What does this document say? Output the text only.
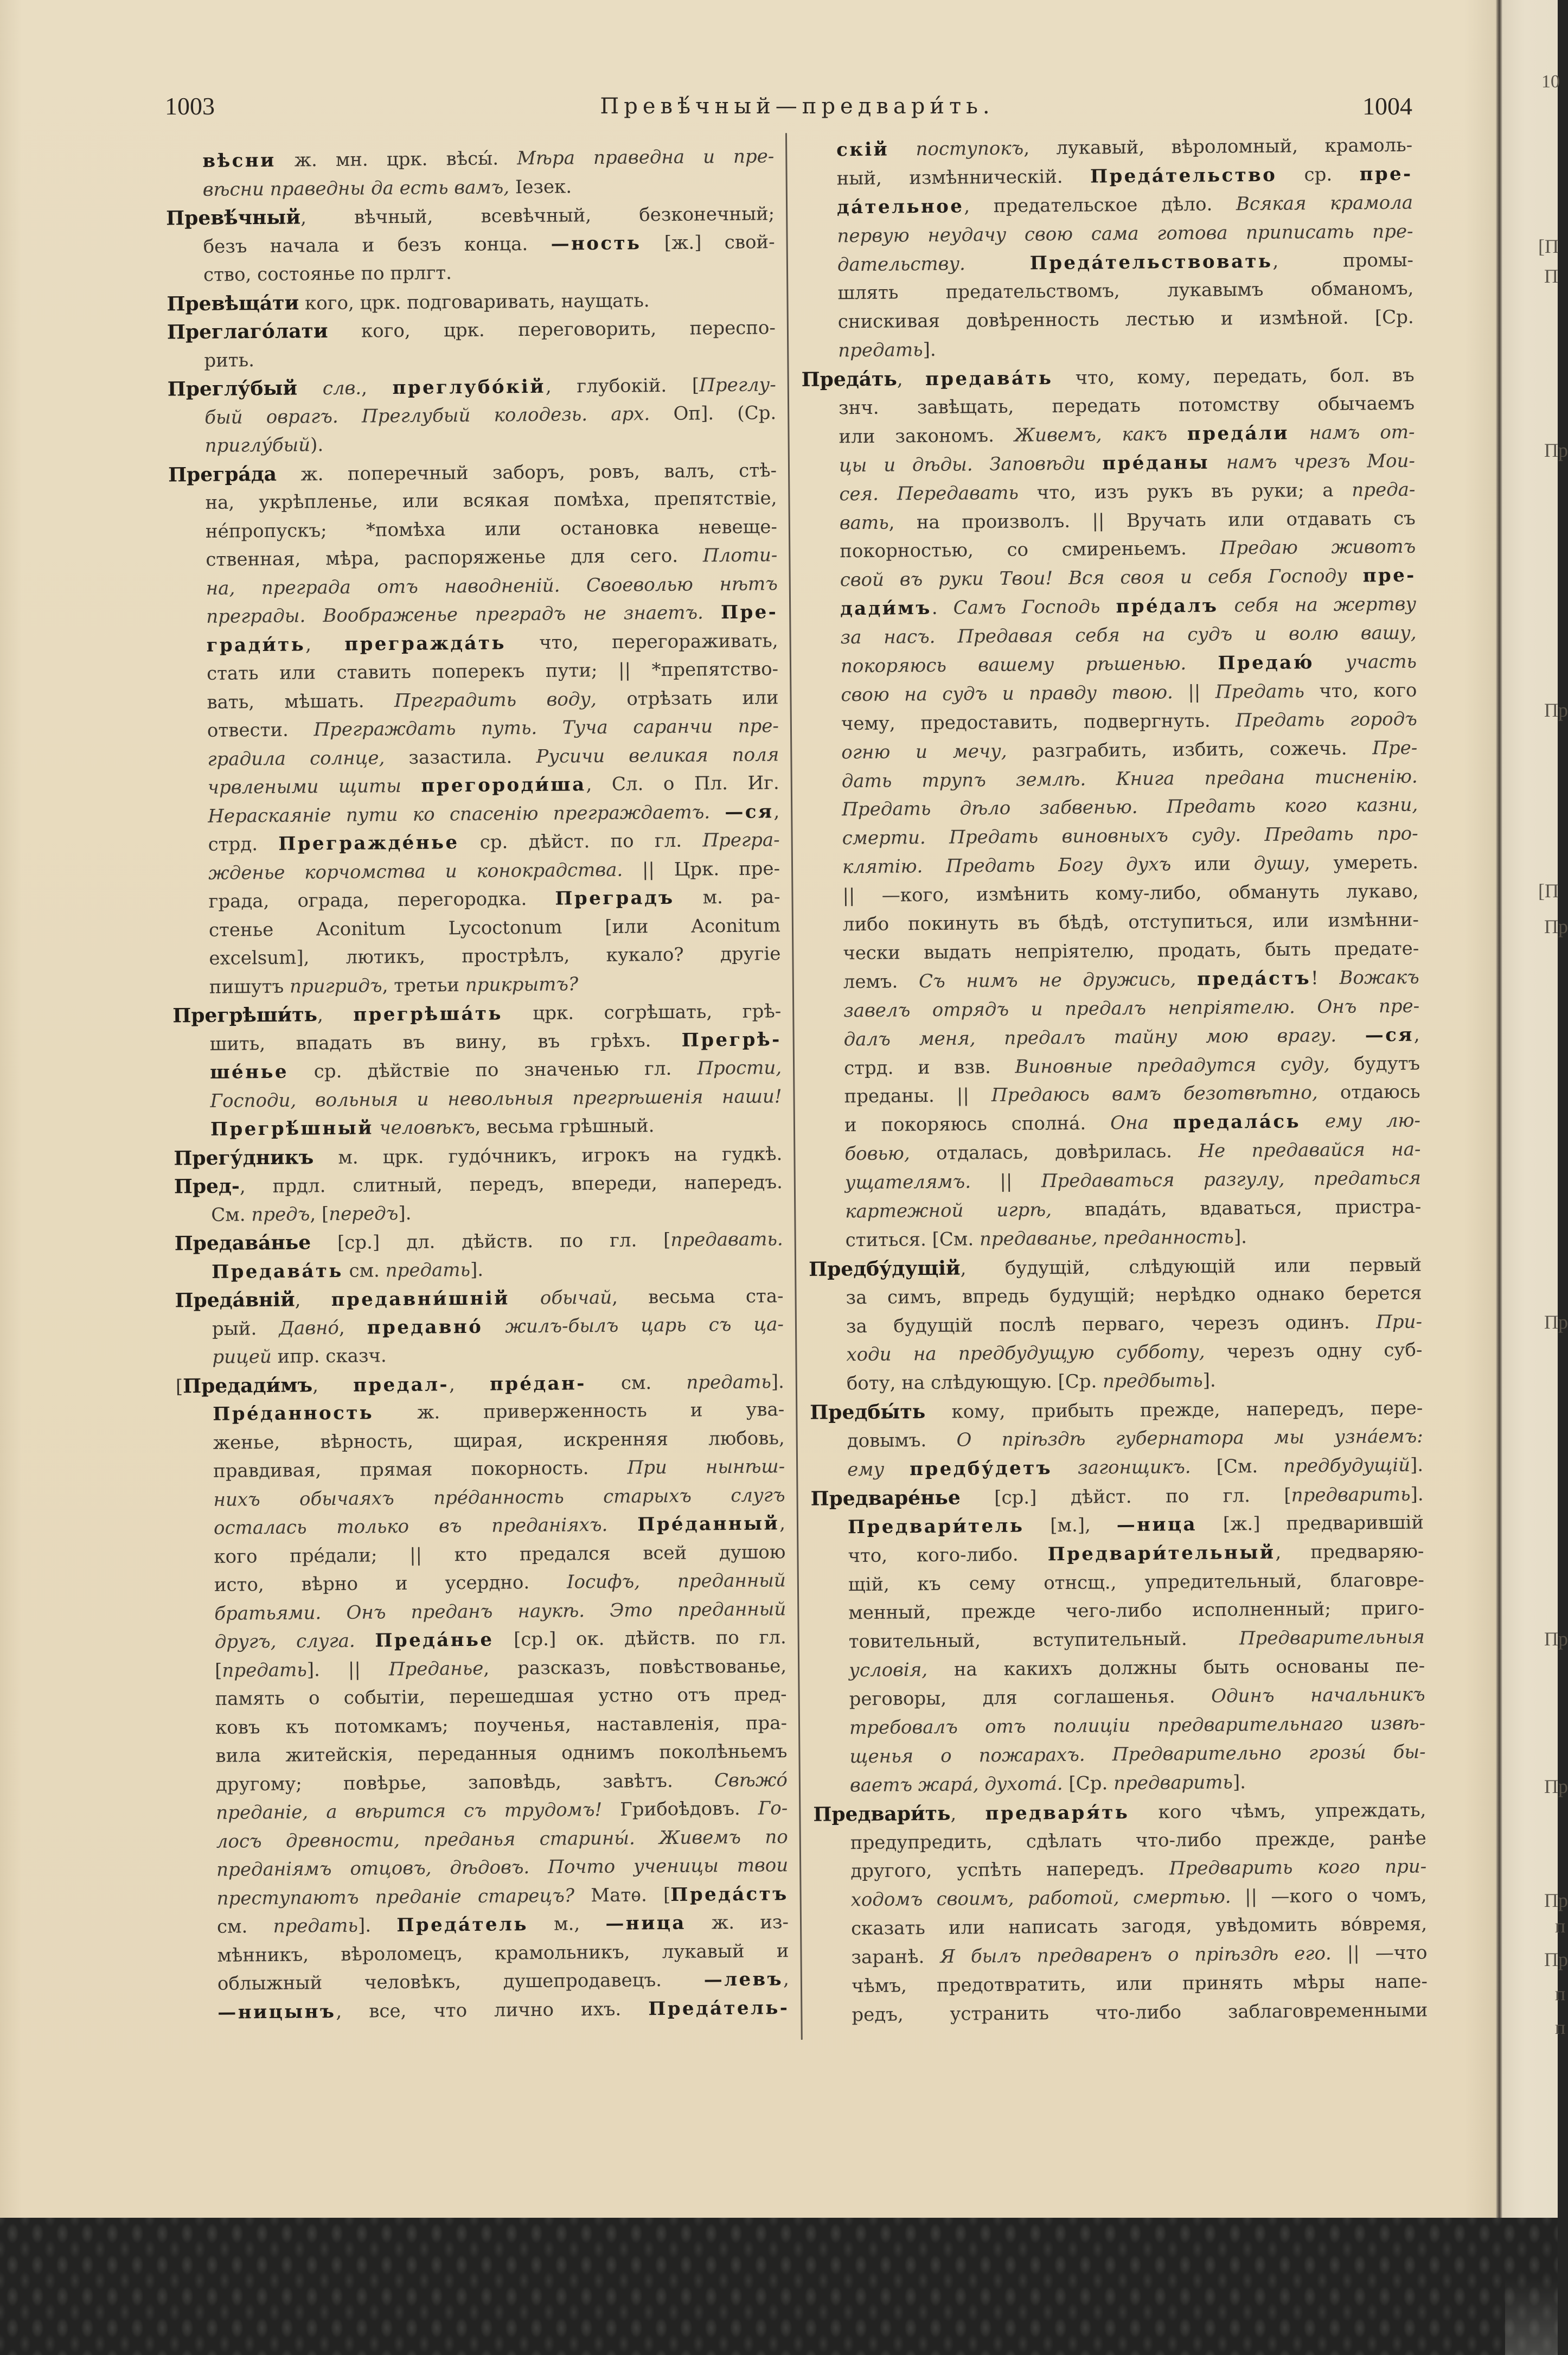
1003	Превѣ́чный—предвари́ть.	1004
вѣсни ж. мн. црк. вѣсы́. Мѣра праведна и пре-
вѣсни праведны да есть вамъ, Іезек.
Превѣ́чный, вѣчный, всевѣчный, безконечный;
безъ начала и безъ конца. —ность [ж.] свой-
ство, состоянье по прлгт.
Превѣща́ти кого, црк. подговаривать, наущать.
Преглаго́лати кого, црк. переговорить, переспо-
рить.
Преглу́бый слв., преглубо́кій, глубокій. [Преглу-
бый оврагъ. Преглубый колодезь. арх. Оп]. (Ср.
приглу́бый).
Прегра́да ж. поперечный заборъ, ровъ, валъ, стѣ-
на, укрѣпленье, или всякая помѣха, препятствіе,
не́пропускъ; *помѣха или остановка невеще-
ственная, мѣра, распоряженье для сего. Плоти-
на, преграда отъ наводненій. Своеволью нѣтъ
преграды. Воображенье преградъ не знаетъ. Пре-
гради́ть, прегражда́ть что, перегораживать,
стать или ставить поперекъ пути; || *препятство-
вать, мѣшать. Преградить воду, отрѣзать или
отвести. Преграждать путь. Туча саранчи пре-
градила солнце, зазастила. Русичи великая поля
чрвлеными щиты прегороди́ша, Сл. о Пл. Иг.
Нераскаяніе пути ко спасенію преграждаетъ. —ся,
стрд. Прегражде́нье ср. дѣйст. по гл. Прегра-
жденье корчомства и конокрадства. || Црк. пре-
града, ограда, перегородка. Преградъ м. ра-
стенье Aconitum Lycoctonum [или Aconitum
excelsum], лютикъ, прострѣлъ, кукало? другіе
пишутъ пригридъ, третьи прикрытъ?
Прегрѣши́ть, прегрѣша́ть црк. согрѣшать, грѣ-
шить, впадать въ вину, въ грѣхъ. Прегрѣ-
ше́нье ср. дѣйствіе по значенью гл. Прости,
Господи, вольныя и невольныя прегрѣшенія наши!
Прегрѣ́шный человѣкъ, весьма грѣшный.
Прегу́дникъ м. црк. гудо́чникъ, игрокъ на гудкѣ.
Пред-, прдл. слитный, передъ, впереди, напередъ.
См. предъ, [передъ].
Предава́нье [ср.] дл. дѣйств. по гл. [предавать.
Предава́ть см. предать].
Преда́вній, предавни́шній обычай, весьма ста-
рый. Давно́, предавно́ жилъ-былъ царь съ ца-
рицей ипр. сказч.
[Предади́мъ, предал-, пре́дан- см. предать].
Пре́данность ж. приверженность и ува-
женье, вѣрность, щирая, искренняя любовь,
правдивая, прямая покорность. При нынѣш-
нихъ обычаяхъ пре́данность старыхъ слугъ
осталась только въ преданіяхъ. Пре́данный,
кого пре́дали; || кто предался всей душою
исто, вѣрно и усердно. Іосифъ, преданный
братьями. Онъ преданъ наукѣ. Это преданный
другъ, слуга. Преда́нье [ср.] ок. дѣйств. по гл.
[предать]. || Преданье, разсказъ, повѣствованье,
память о событіи, перешедшая устно отъ пред-
ковъ къ потомкамъ; поученья, наставленія, пра-
вила житейскія, переданныя однимъ поколѣньемъ
другому; повѣрье, заповѣдь, завѣтъ. Свѣжо́
преданіе, а вѣрится съ трудомъ! Грибоѣдовъ. Го-
лосъ древности, преданья старины́. Живемъ по
преданіямъ отцовъ, дѣдовъ. Почто ученицы твои
преступаютъ преданіе старецъ? Матѳ. [Преда́стъ
см. предать]. Преда́тель м., —ница ж. из-
мѣнникъ, вѣроломецъ, крамольникъ, лукавый и
облыжный человѣкъ, душепродавецъ. —левъ,
—ницынъ, все, что лично ихъ. Преда́тель-
скій поступокъ, лукавый, вѣроломный, крамоль-
ный, измѣнническій. Преда́тельство ср. пре-
да́тельное, предательское дѣло. Всякая крамола
первую неудачу свою сама готова приписать пре-
дательству. Преда́тельствовать, промы-
шлять предательствомъ, лукавымъ обманомъ,
снискивая довѣренность лестью и измѣной. [Ср.
предать].
Преда́ть, предава́ть что, кому, передать, бол. въ
знч. завѣщать, передать потомству обычаемъ
или закономъ. Живемъ, какъ преда́ли намъ от-
цы и дѣды. Заповѣди пре́даны намъ чрезъ Мои-
сея. Передавать что, изъ рукъ въ руки; а преда-
вать, на произволъ. || Вручать или отдавать съ
покорностью, со смиреньемъ. Предаю животъ
свой въ руки Твои! Вся своя и себя Господу пре-
дади́мъ. Самъ Господь пре́далъ себя на жертву
за насъ. Предавая себя на судъ и волю вашу,
покоряюсь вашему рѣшенью. Предаю́ участь
свою на судъ и правду твою. || Предать что, кого
чему, предоставить, подвергнуть. Предать городъ
огню и мечу, разграбить, избить, сожечь. Пре-
дать трупъ землѣ. Книга предана тисненію.
Предать дѣло забвенью. Предать кого казни,
смерти. Предать виновныхъ суду. Предать про-
клятію. Предать Богу духъ или душу, умереть.
|| —кого, измѣнить кому-либо, обмануть лукаво,
либо покинуть въ бѣдѣ, отступиться, или измѣнни-
чески выдать непріятелю, продать, быть предате-
лемъ. Съ нимъ не дружись, преда́стъ! Вожакъ
завелъ отрядъ и предалъ непріятелю. Онъ пре-
далъ меня, предалъ тайну мою врагу. —ся,
стрд. и взв. Виновные предадутся суду, будутъ
преданы. || Предаюсь вамъ безотвѣтно, отдаюсь
и покоряюсь сполна́. Она предала́сь ему лю-
бовью, отдалась, довѣрилась. Не предавайся на-
ущателямъ. || Предаваться разгулу, предаться
картежной игрѣ, впада́ть, вдаваться, пристра-
ститься. [См. предаванье, преданность].
Предбу́дущій, будущій, слѣдующій или первый
за симъ, впредь будущій; нерѣдко однако берется
за будущій послѣ перваго, черезъ одинъ. При-
ходи на предбудущую субботу, черезъ одну суб-
боту, на слѣдующую. [Ср. предбыть].
Предбы́ть кому, прибыть прежде, напередъ, пере-
довымъ. О пріѣздѣ губернатора мы узна́емъ:
ему предбу́детъ загонщикъ. [См. предбудущій].
Предваре́нье [ср.] дѣйст. по гл. [предварить].
Предвари́тель [м.], —ница [ж.] предварившій
что, кого-либо. Предвари́тельный, предваряю-
щій, къ сему отнсщ., упредительный, благовре-
менный, прежде чего-либо исполненный; приго-
товительный, вступительный. Предварительныя
условія, на какихъ должны быть основаны пе-
реговоры, для соглашенья. Одинъ начальникъ
требовалъ отъ полиціи предварительнаго извѣ-
щенья о пожарахъ. Предварительно грозы́ бы-
ваетъ жара́, духота́. [Ср. предварить].
Предвари́ть, предваря́ть кого чѣмъ, упреждать,
предупредить, сдѣлать что-либо прежде, ранѣе
другого, успѣть напередъ. Предварить кого при-
ходомъ своимъ, работой, смертью. || —кого о чомъ,
сказать или написать загодя, увѣдомить во́время,
заранѣ. Я былъ предваренъ о пріѣздѣ его. || —что
чѣмъ, предотвратить, или принять мѣры напе-
редъ, устранить что-либо заблаговременными
10
[П
П
Пр
Пр
[П
Пр
Пр
Пр
Пр
Пр
п
Пр
п
п
